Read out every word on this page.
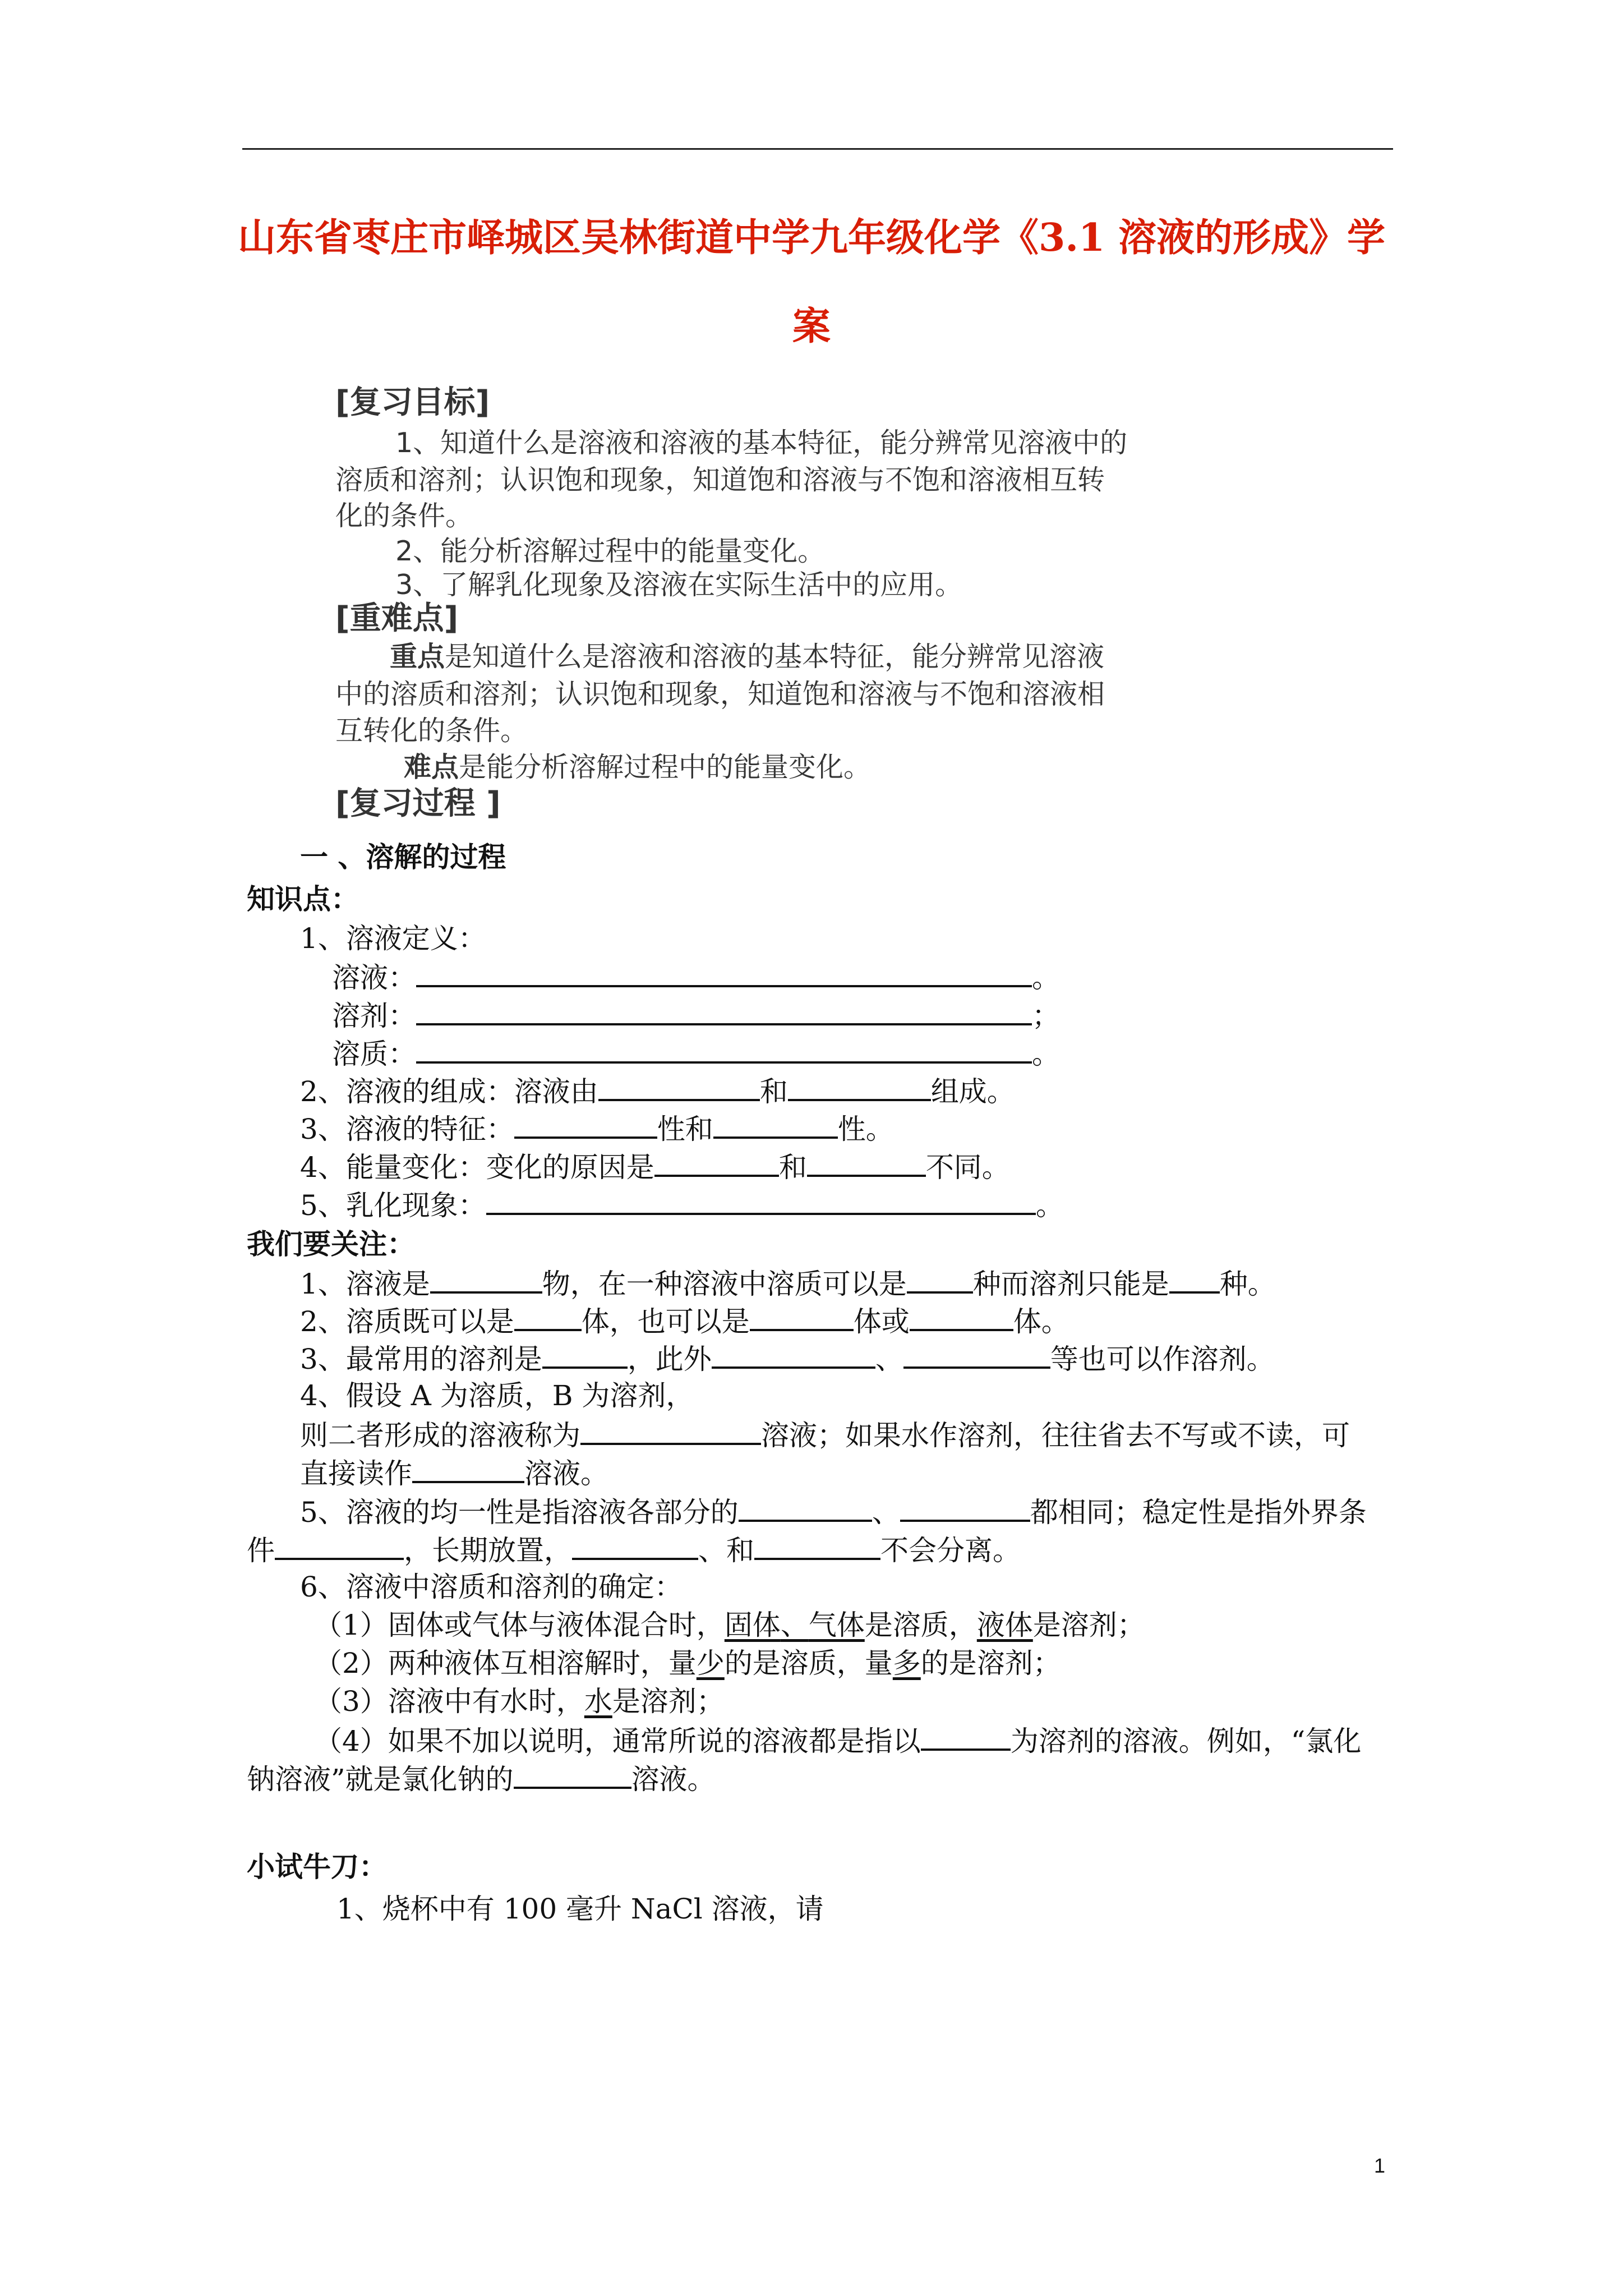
山东省枣庄市峄城区吴林街道中学九年级化学《3.1 溶液的形成》学
案
[复习目标]
1、知道什么是溶液和溶液的基本特征，能分辨常见溶液中的
溶质和溶剂；认识饱和现象，知道饱和溶液与不饱和溶液相互转
化的条件。
2、能分析溶解过程中的能量变化。
3、了解乳化现象及溶液在实际生活中的应用。
[重难点]
重点是知道什么是溶液和溶液的基本特征，能分辨常见溶液
中的溶质和溶剂；认识饱和现象，知道饱和溶液与不饱和溶液相
互转化的条件。
难点是能分析溶解过程中的能量变化。
[复习过程 ]
一 、溶解的过程
知识点：
1、溶液定义：
溶液：	。
溶剂：	；
溶质：	。
2、溶液的组成：溶液由	和	组成。
3、溶液的特征：	性和	性。
4、能量变化：变化的原因是	和	不同。
5、乳化现象：	。
我们要关注：
1、溶液是	物，在一种溶液中溶质可以是 种而溶剂只能是 种。
2、溶质既可以是 体，也可以是	体或	体。
3、最常用的溶剂是	，此外	、	等也可以作溶剂。
4、假设 A 为溶质，B 为溶剂，
则二者形成的溶液称为	溶液；如果水作溶剂，往往省去不写或不读，可
直接读作	溶液。
5、溶液的均一性是指溶液各部分的	、	都相同；稳定性是指外界条
件	，长期放置，	、和	不会分离。
6、溶液中溶质和溶剂的确定：
（1）固体或气体与液体混合时，固体、气体是溶质，液体是溶剂；
（2）两种液体互相溶解时，量少的是溶质，量多的是溶剂；
（3）溶液中有水时，水是溶剂；
（4）如果不加以说明，通常所说的溶液都是指以	为溶剂的溶液。例如，“氯化
钠溶液”就是氯化钠的	溶液。
小试牛刀：
1、烧杯中有 100 毫升 NaCl 溶液，请
1
